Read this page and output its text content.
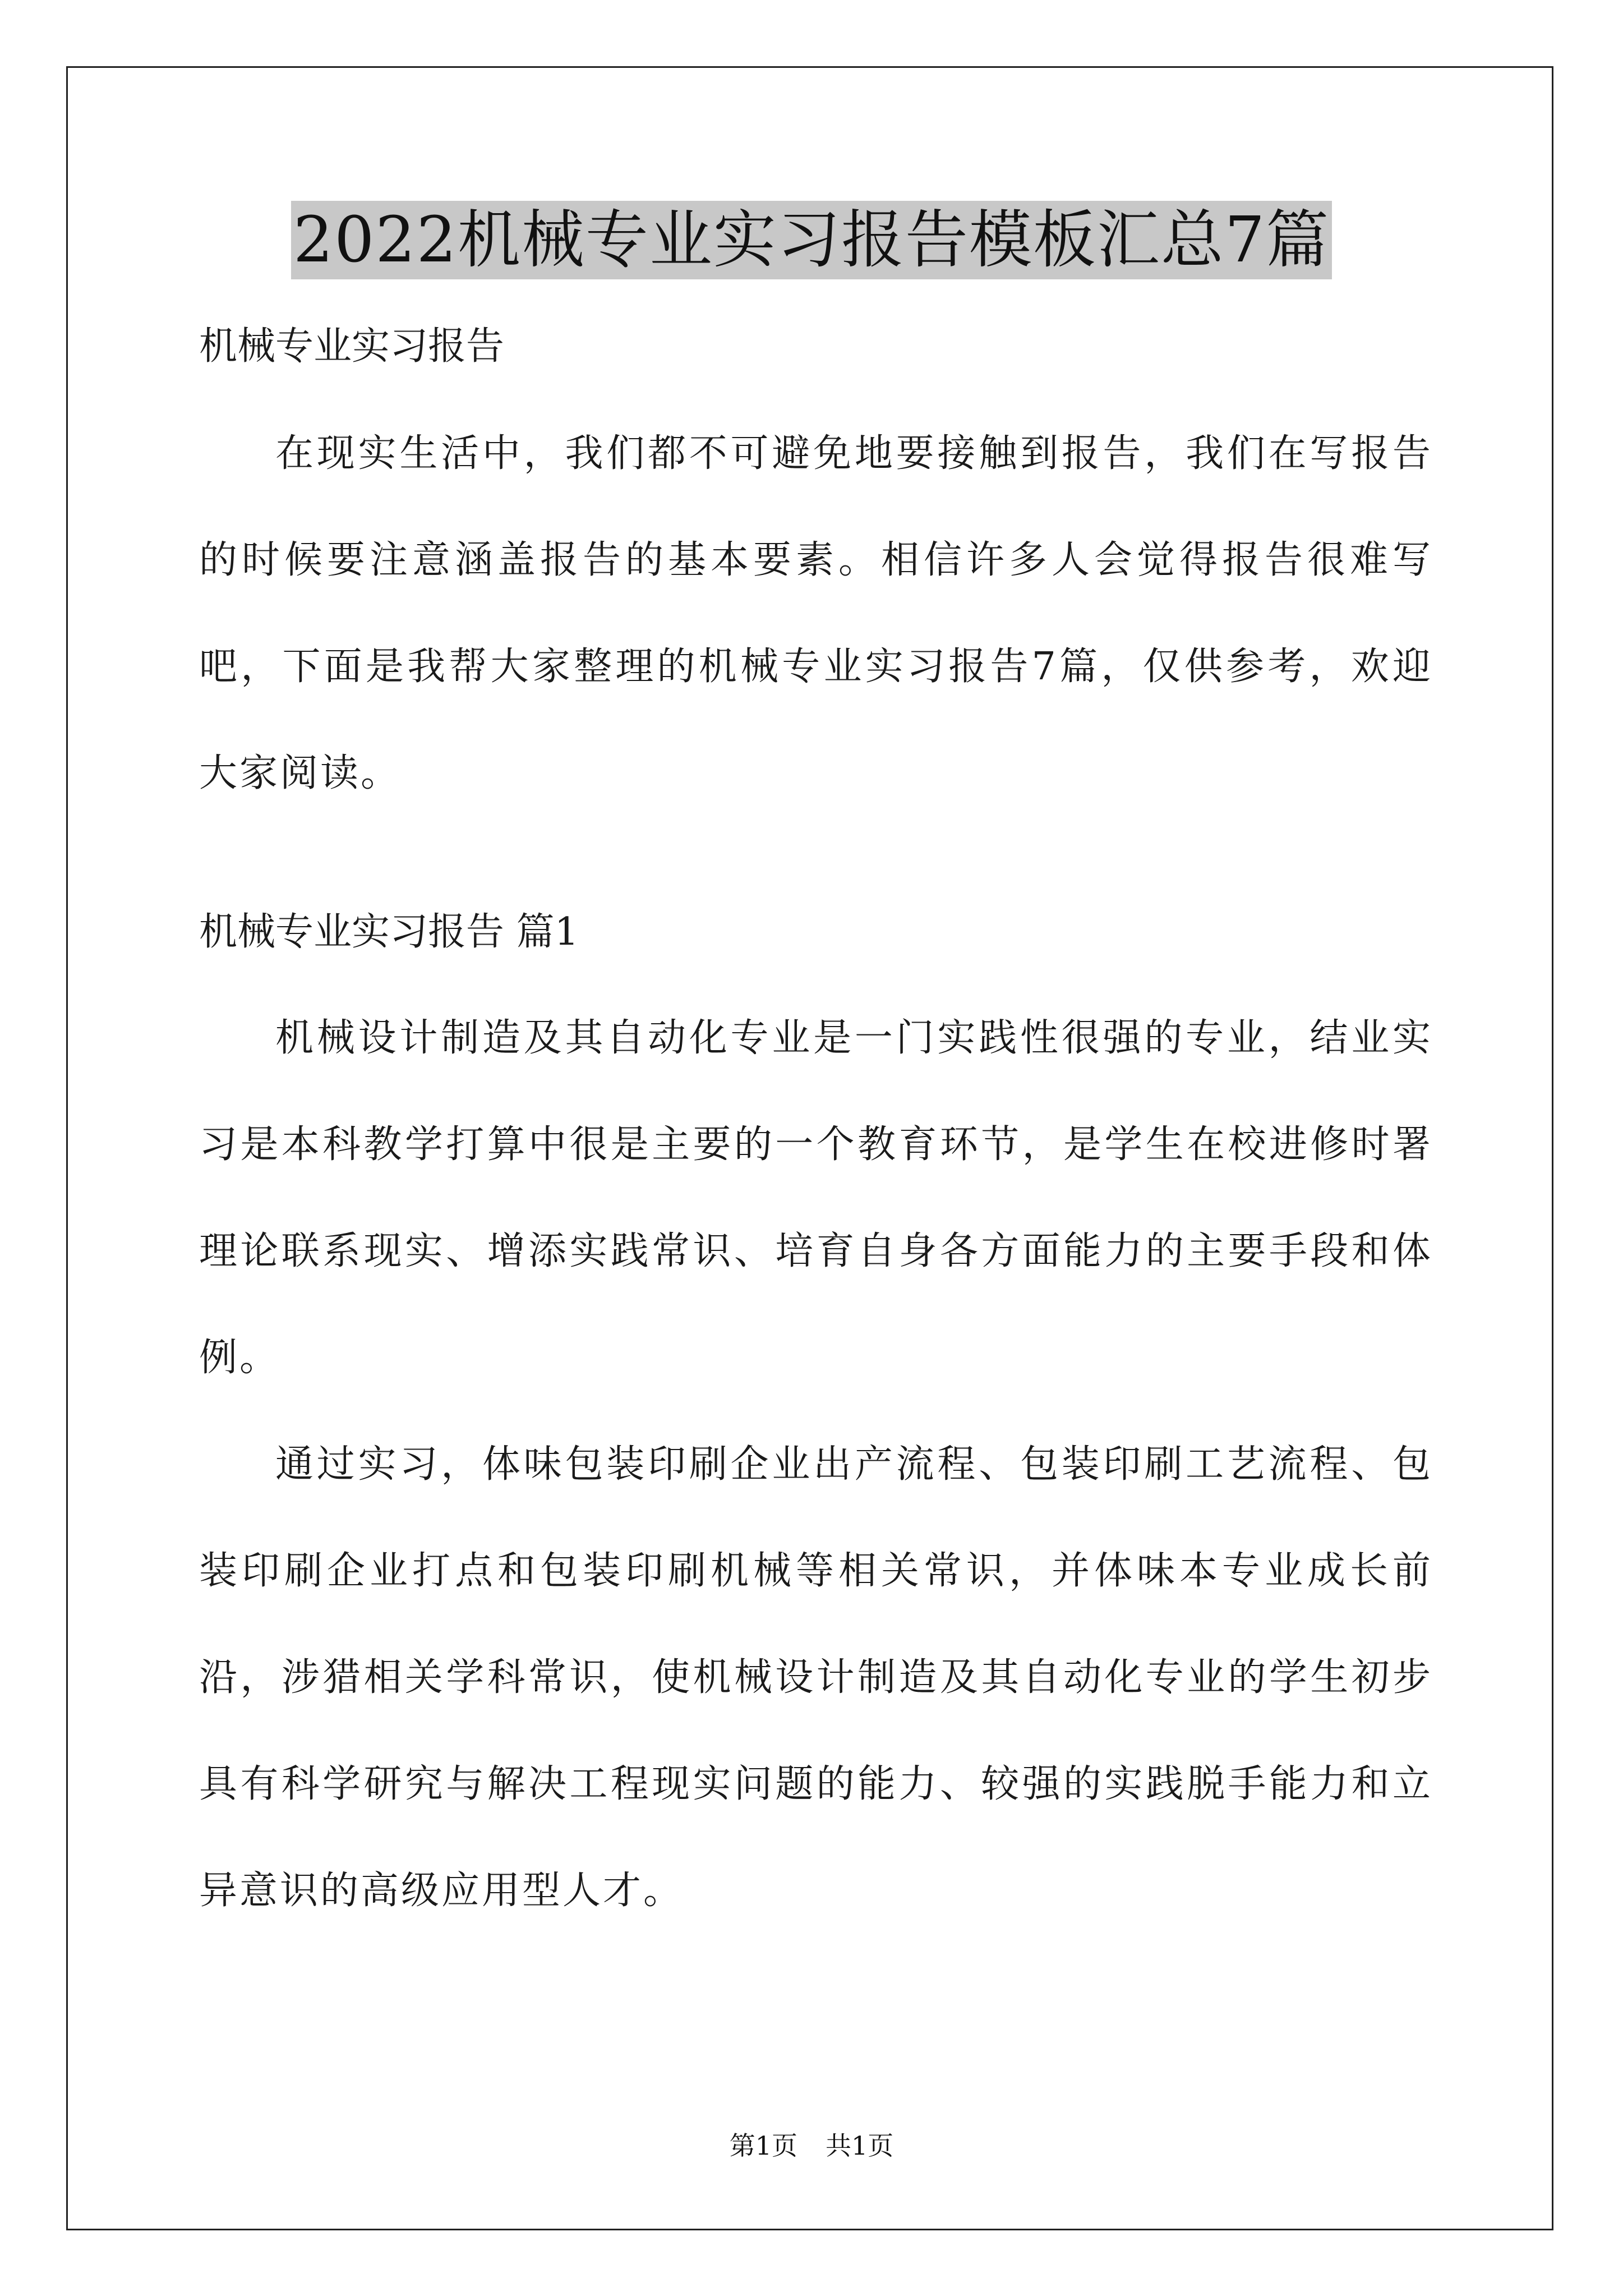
2022机械专业实习报告模板汇总7篇

机械专业实习报告

在现实生活中，我们都不可避免地要接触到报告，我们在写报告的时候要注意涵盖报告的基本要素。相信许多人会觉得报告很难写吧，下面是我帮大家整理的机械专业实习报告7篇，仅供参考，欢迎大家阅读。

机械专业实习报告 篇1

机械设计制造及其自动化专业是一门实践性很强的专业，结业实习是本科教学打算中很是主要的一个教育环节，是学生在校进修时署理论联系现实、增添实践常识、培育自身各方面能力的主要手段和体例。

通过实习，体味包装印刷企业出产流程、包装印刷工艺流程、包装印刷企业打点和包装印刷机械等相关常识，并体味本专业成长前沿，涉猎相关学科常识，使机械设计制造及其自动化专业的学生初步具有科学研究与解决工程现实问题的能力、较强的实践脱手能力和立异意识的高级应用型人才。

第1页 共1页
